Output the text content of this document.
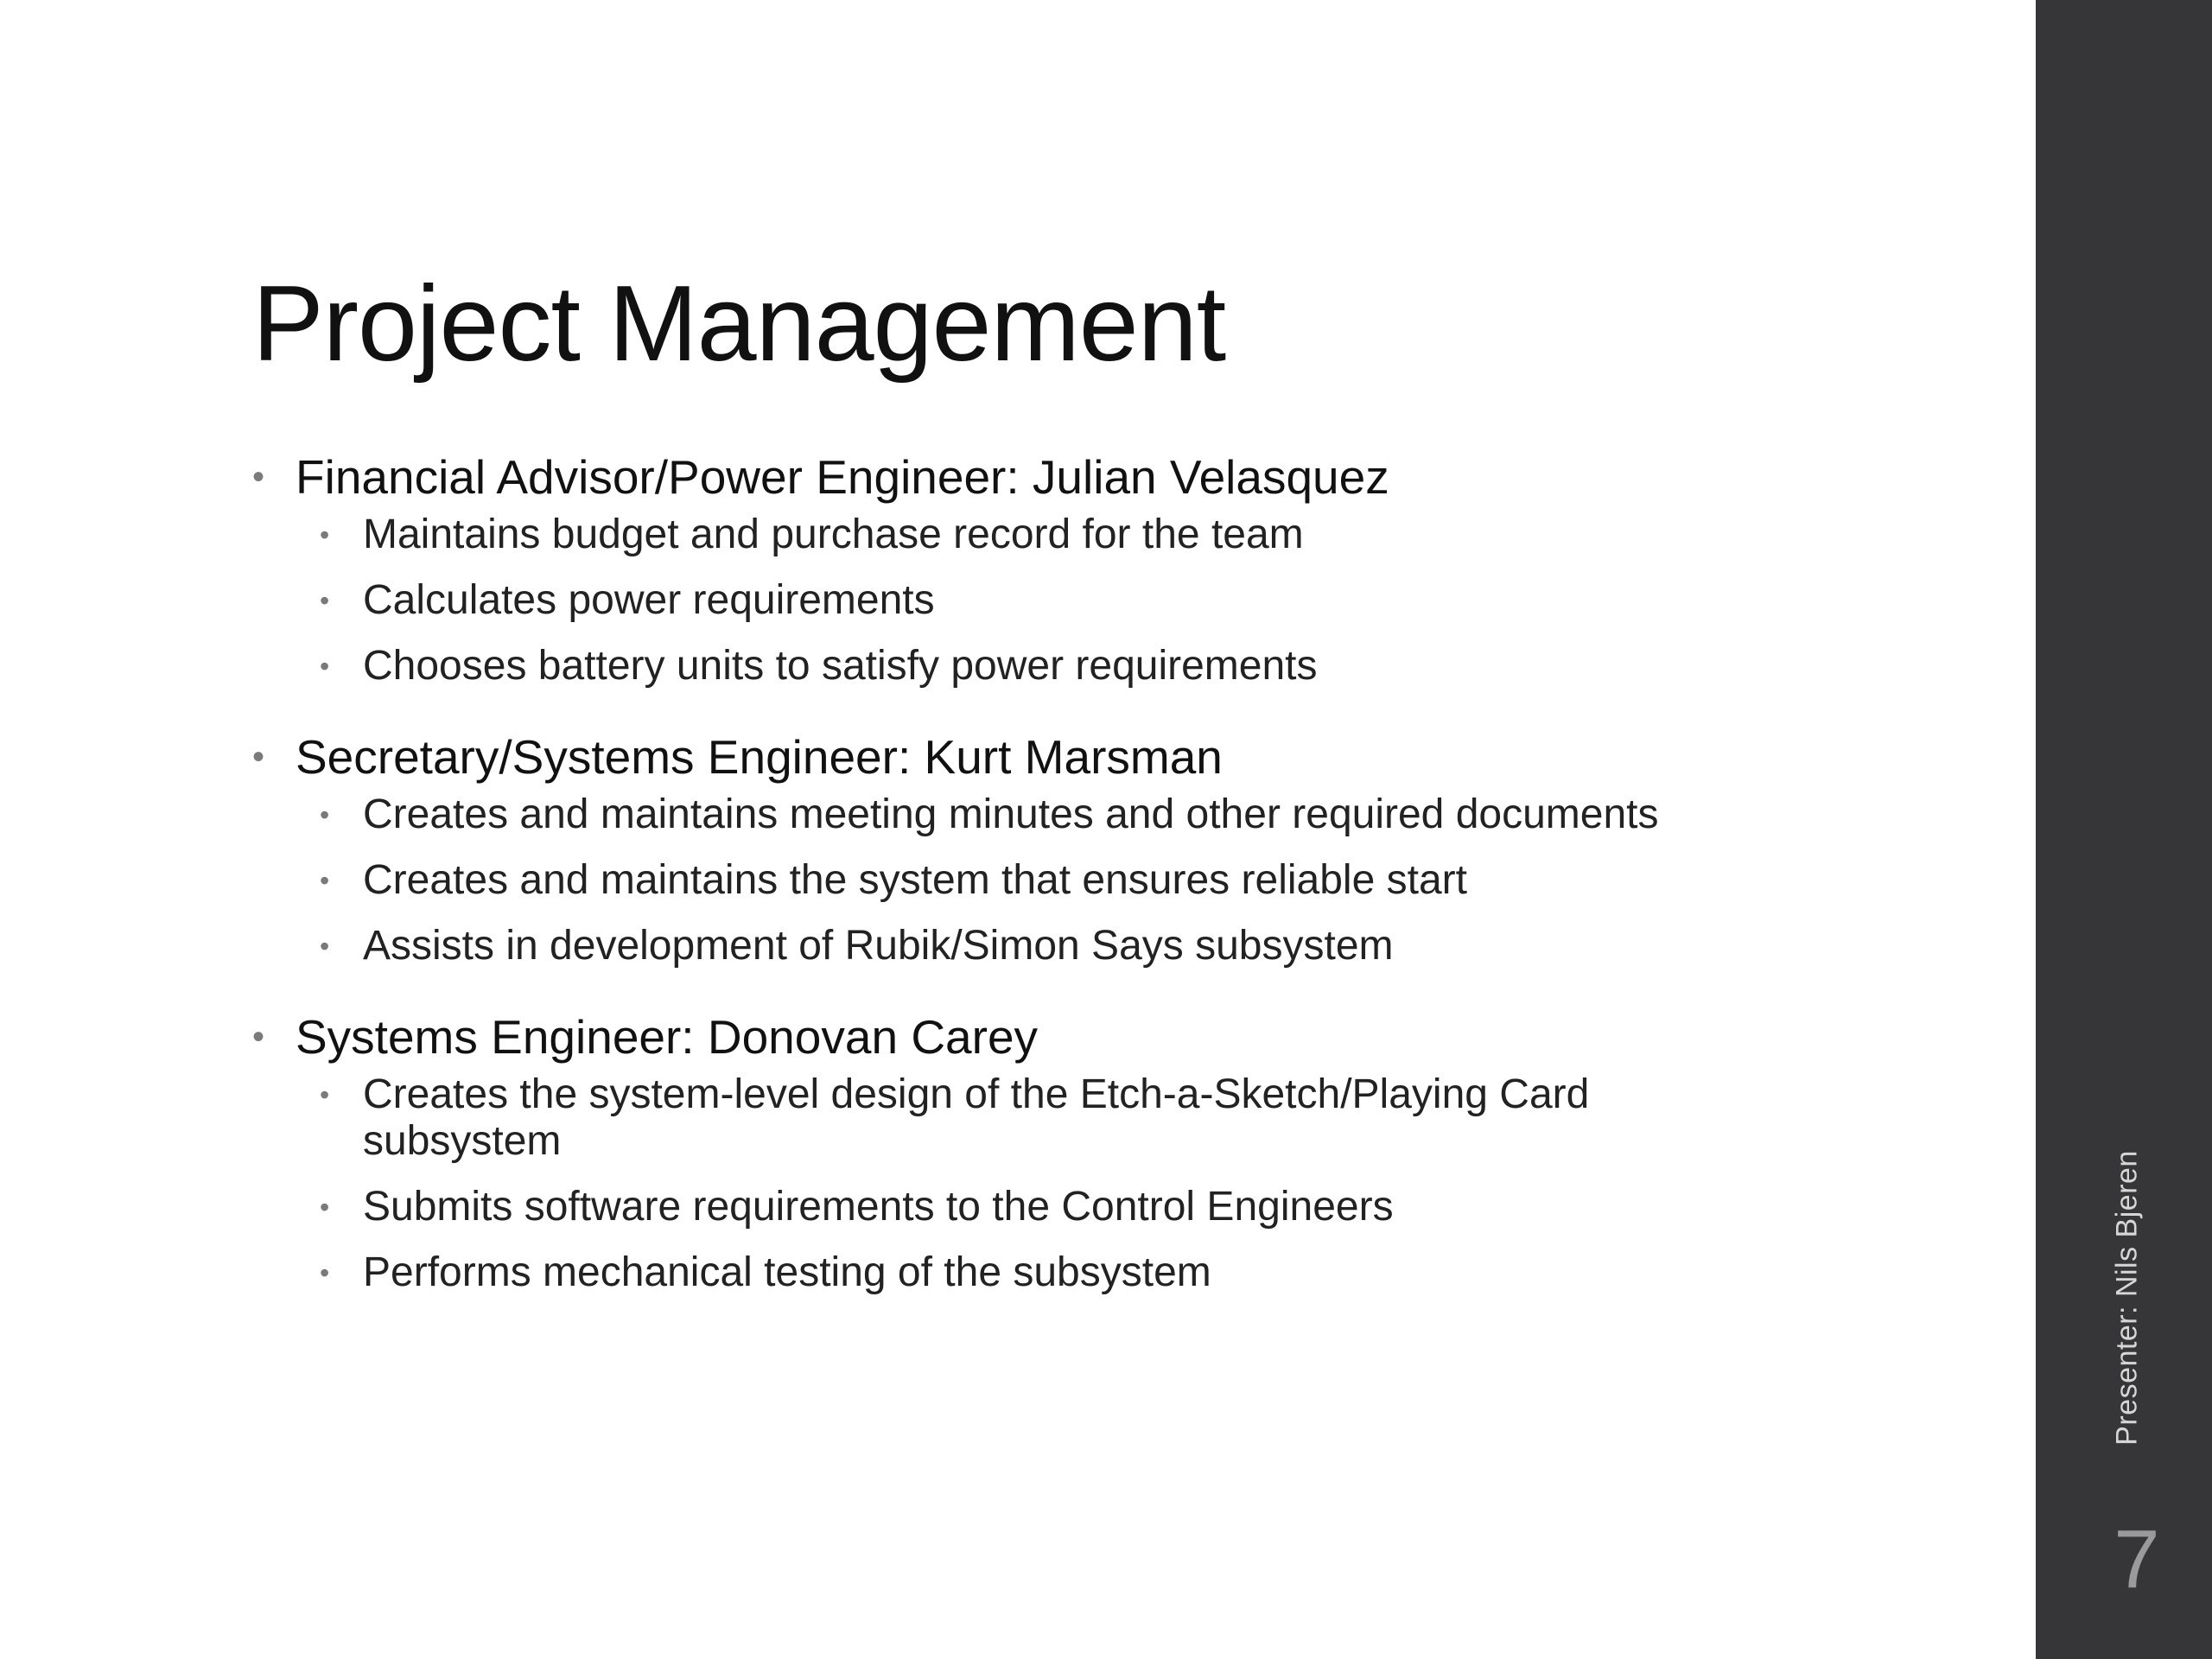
Project Management
• Financial Advisor/Power Engineer: Julian Velasquez
• Maintains budget and purchase record for the team
• Calculates power requirements
• Chooses battery units to satisfy power requirements
• Secretary/Systems Engineer: Kurt Marsman
• Creates and maintains meeting minutes and other required documents
• Creates and maintains the system that ensures reliable start
• Assists in development of Rubik/Simon Says subsystem
• Systems Engineer: Donovan Carey
• Creates the system-level design of the Etch-a-Sketch/Playing Card subsystem
• Submits software requirements to the Control Engineers
• Performs mechanical testing of the subsystem	Presenter: Nils Bjeren
7
